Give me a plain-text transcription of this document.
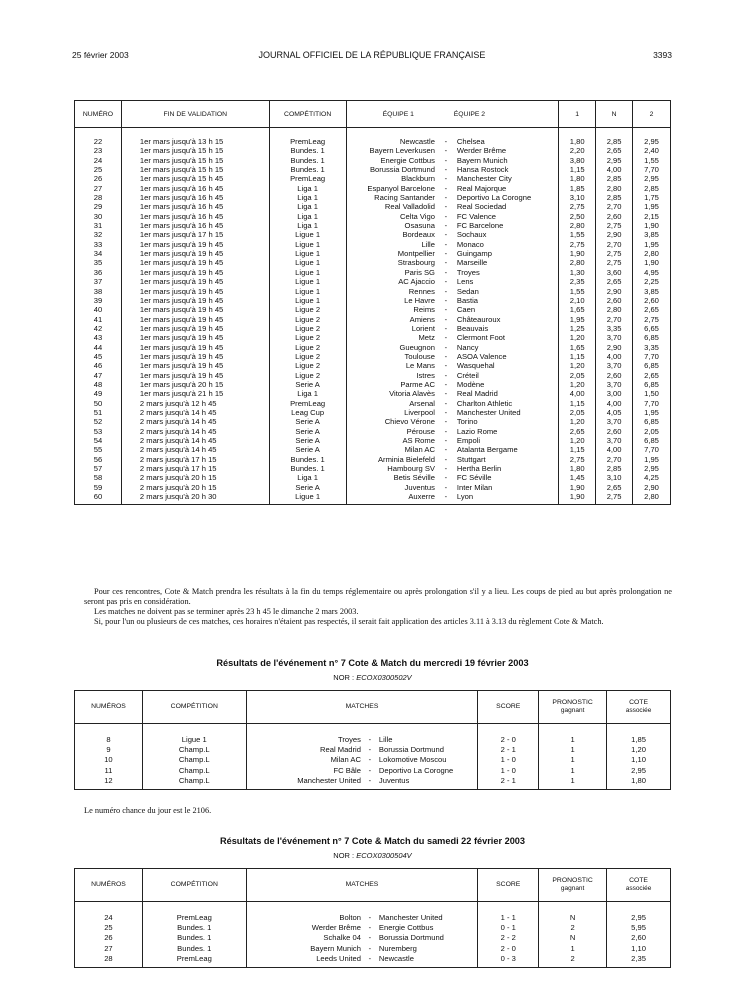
25 février 2003	JOURNAL OFFICIEL DE LA RÉPUBLIQUE FRANÇAISE	3393
NUMÉRO	FIN DE VALIDATION	COMPÉTITION	ÉQUIPE 1 ÉQUIPE 2			1	N	2
22	1er mars jusqu'à 13 h 15	PremLeag	Newcastle	-	Chelsea	1,80	2,85	2,95
23	1er mars jusqu'à 15 h 15	Bundes. 1	Bayern Leverkusen	-	Werder Brême	2,20	2,65	2,40
24	1er mars jusqu'à 15 h 15	Bundes. 1	Energie Cottbus	-	Bayern Munich	3,80	2,95	1,55
25	1er mars jusqu'à 15 h 15	Bundes. 1	Borussia Dortmund	-	Hansa Rostock	1,15	4,00	7,70
26	1er mars jusqu'à 15 h 45	PremLeag	Blackburn	-	Manchester City	1,80	2,85	2,95
27	1er mars jusqu'à 16 h 45	Liga 1	Espanyol Barcelone	-	Real Majorque	1,85	2,80	2,85
28	1er mars jusqu'à 16 h 45	Liga 1	Racing Santander	-	Deportivo La Corogne	3,10	2,85	1,75
29	1er mars jusqu'à 16 h 45	Liga 1	Real Valladolid	-	Real Sociedad	2,75	2,70	1,95
30	1er mars jusqu'à 16 h 45	Liga 1	Celta Vigo	-	FC Valence	2,50	2,60	2,15
31	1er mars jusqu'à 16 h 45	Liga 1	Osasuna	-	FC Barcelone	2,80	2,75	1,90
32	1er mars jusqu'à 17 h 15	Ligue 1	Bordeaux	-	Sochaux	1,55	2,90	3,85
33	1er mars jusqu'à 19 h 45	Ligue 1	Lille	-	Monaco	2,75	2,70	1,95
34	1er mars jusqu'à 19 h 45	Ligue 1	Montpellier	-	Guingamp	1,90	2,75	2,80
35	1er mars jusqu'à 19 h 45	Ligue 1	Strasbourg	-	Marseille	2,80	2,75	1,90
36	1er mars jusqu'à 19 h 45	Ligue 1	Paris SG	-	Troyes	1,30	3,60	4,95
37	1er mars jusqu'à 19 h 45	Ligue 1	AC Ajaccio	-	Lens	2,35	2,65	2,25
38	1er mars jusqu'à 19 h 45	Ligue 1	Rennes	-	Sedan	1,55	2,90	3,85
39	1er mars jusqu'à 19 h 45	Ligue 1	Le Havre	-	Bastia	2,10	2,60	2,60
40	1er mars jusqu'à 19 h 45	Ligue 2	Reims	-	Caen	1,65	2,80	2,65
41	1er mars jusqu'à 19 h 45	Ligue 2	Amiens	-	Châteauroux	1,95	2,70	2,75
42	1er mars jusqu'à 19 h 45	Ligue 2	Lorient	-	Beauvais	1,25	3,35	6,65
43	1er mars jusqu'à 19 h 45	Ligue 2	Metz	-	Clermont Foot	1,20	3,70	6,85
44	1er mars jusqu'à 19 h 45	Ligue 2	Gueugnon	-	Nancy	1,65	2,90	3,35
45	1er mars jusqu'à 19 h 45	Ligue 2	Toulouse	-	ASOA Valence	1,15	4,00	7,70
46	1er mars jusqu'à 19 h 45	Ligue 2	Le Mans	-	Wasquehal	1,20	3,70	6,85
47	1er mars jusqu'à 19 h 45	Ligue 2	Istres	-	Créteil	2,05	2,60	2,65
48	1er mars jusqu'à 20 h 15	Serie A	Parme AC	-	Modène	1,20	3,70	6,85
49	1er mars jusqu'à 21 h 15	Liga 1	Vitoria Alavès	-	Real Madrid	4,00	3,00	1,50
50	2 mars jusqu'à 12 h 45	PremLeag	Arsenal	-	Charlton Athletic	1,15	4,00	7,70
51	2 mars jusqu'à 14 h 45	Leag Cup	Liverpool	-	Manchester United	2,05	4,05	1,95
52	2 mars jusqu'à 14 h 45	Serie A	Chievo Vérone	-	Torino	1,20	3,70	6,85
53	2 mars jusqu'à 14 h 45	Serie A	Pérouse	-	Lazio Rome	2,65	2,60	2,05
54	2 mars jusqu'à 14 h 45	Serie A	AS Rome	-	Empoli	1,20	3,70	6,85
55	2 mars jusqu'à 14 h 45	Serie A	Milan AC	-	Atalanta Bergame	1,15	4,00	7,70
56	2 mars jusqu'à 17 h 15	Bundes. 1	Arminia Bielefeld	-	Stuttgart	2,75	2,70	1,95
57	2 mars jusqu'à 17 h 15	Bundes. 1	Hambourg SV	-	Hertha Berlin	1,80	2,85	2,95
58	2 mars jusqu'à 20 h 15	Liga 1	Betis Séville	-	FC Séville	1,45	3,10	4,25
59	2 mars jusqu'à 20 h 15	Serie A	Juventus	-	Inter Milan	1,90	2,65	2,90
60	2 mars jusqu'à 20 h 30	Ligue 1	Auxerre	-	Lyon	1,90	2,75	2,80

Pour ces rencontres, Cote & Match prendra les résultats à la fin du temps réglementaire ou après prolongation s'il y a lieu. Les coups de pied au but après prolongation ne seront pas pris en considération.

Les matches ne doivent pas se terminer après 23 h 45 le dimanche 2 mars 2003.

Si, pour l'un ou plusieurs de ces matches, ces horaires n'étaient pas respectés, il serait fait application des articles 3.11 à 3.13 du règlement Cote & Match.

Résultats de l'événement n° 7 Cote & Match du mercredi 19 février 2003
NOR : ECOX0300502V
NUMÉROS	COMPÉTITION	MATCHES			SCORE	PRONOSTIC
gagnant	COTE
associée
8	Ligue 1	Troyes	-	Lille	2 - 0	1	1,85
9	Champ.L	Real Madrid	-	Borussia Dortmund	2 - 1	1	1,20
10	Champ.L	Milan AC	-	Lokomotive Moscou	1 - 0	1	1,10
11	Champ.L	FC Bâle	-	Deportivo La Corogne	1 - 0	1	2,95
12	Champ.L	Manchester United	-	Juventus	2 - 1	1	1,80
Le numéro chance du jour est le 2106.
Résultats de l'événement n° 7 Cote & Match du samedi 22 février 2003
NOR : ECOX0300504V
NUMÉROS	COMPÉTITION	MATCHES			SCORE	PRONOSTIC
gagnant	COTE
associée
24	PremLeag	Bolton	-	Manchester United	1 - 1	N	2,95
25	Bundes. 1	Werder Brême	-	Energie Cottbus	0 - 1	2	5,95
26	Bundes. 1	Schalke 04	-	Borussia Dortmund	2 - 2	N	2,60
27	Bundes. 1	Bayern Munich	-	Nuremberg	2 - 0	1	1,10
28	PremLeag	Leeds United	-	Newcastle	0 - 3	2	2,35
